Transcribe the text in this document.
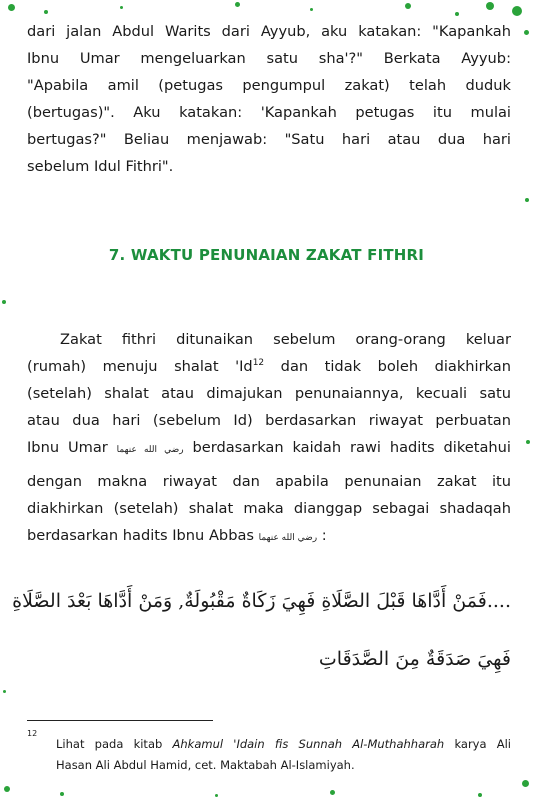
dari jalan Abdul Warits dari Ayyub, aku katakan: "Kapankah
Ibnu Umar mengeluarkan satu sha'?" Berkata Ayyub:
"Apabila amil (petugas pengumpul zakat) telah duduk
(bertugas)". Aku katakan: 'Kapankah petugas itu mulai
bertugas?" Beliau menjawab: "Satu hari atau dua hari
sebelum Idul Fithri".
7. WAKTU PENUNAIAN ZAKAT FITHRI
Zakat fithri ditunaikan sebelum orang-orang keluar
(rumah) menuju shalat 'Id$^{12}$ dan tidak boleh diakhirkan
(setelah) shalat atau dimajukan penunaiannya, kecuali satu
atau dua hari (sebelum Id) berdasarkan riwayat perbuatan
Ibnu Umar رضي الله عنهما berdasarkan kaidah rawi hadits diketahui
dengan makna riwayat dan apabila penunaian zakat itu
diakhirkan (setelah) shalat maka dianggap sebagai shadaqah
berdasarkan hadits Ibnu Abbas رضي الله عنهما :
....فَمَنْ أَدَّاهَا قَبْلَ الصَّلَاةِ فَهِيَ زَكَاةٌ مَقْبُولَةٌ, وَمَنْ أَدَّاهَا بَعْدَ الصَّلَاةِ
فَهِيَ صَدَقَةٌ مِنَ الصَّدَقَاتِ
12
Lihat pada kitab Ahkamul 'Idain fis Sunnah Al-Muthahharah karya Ali
Hasan Ali Abdul Hamid, cet. Maktabah Al-Islamiyah.
